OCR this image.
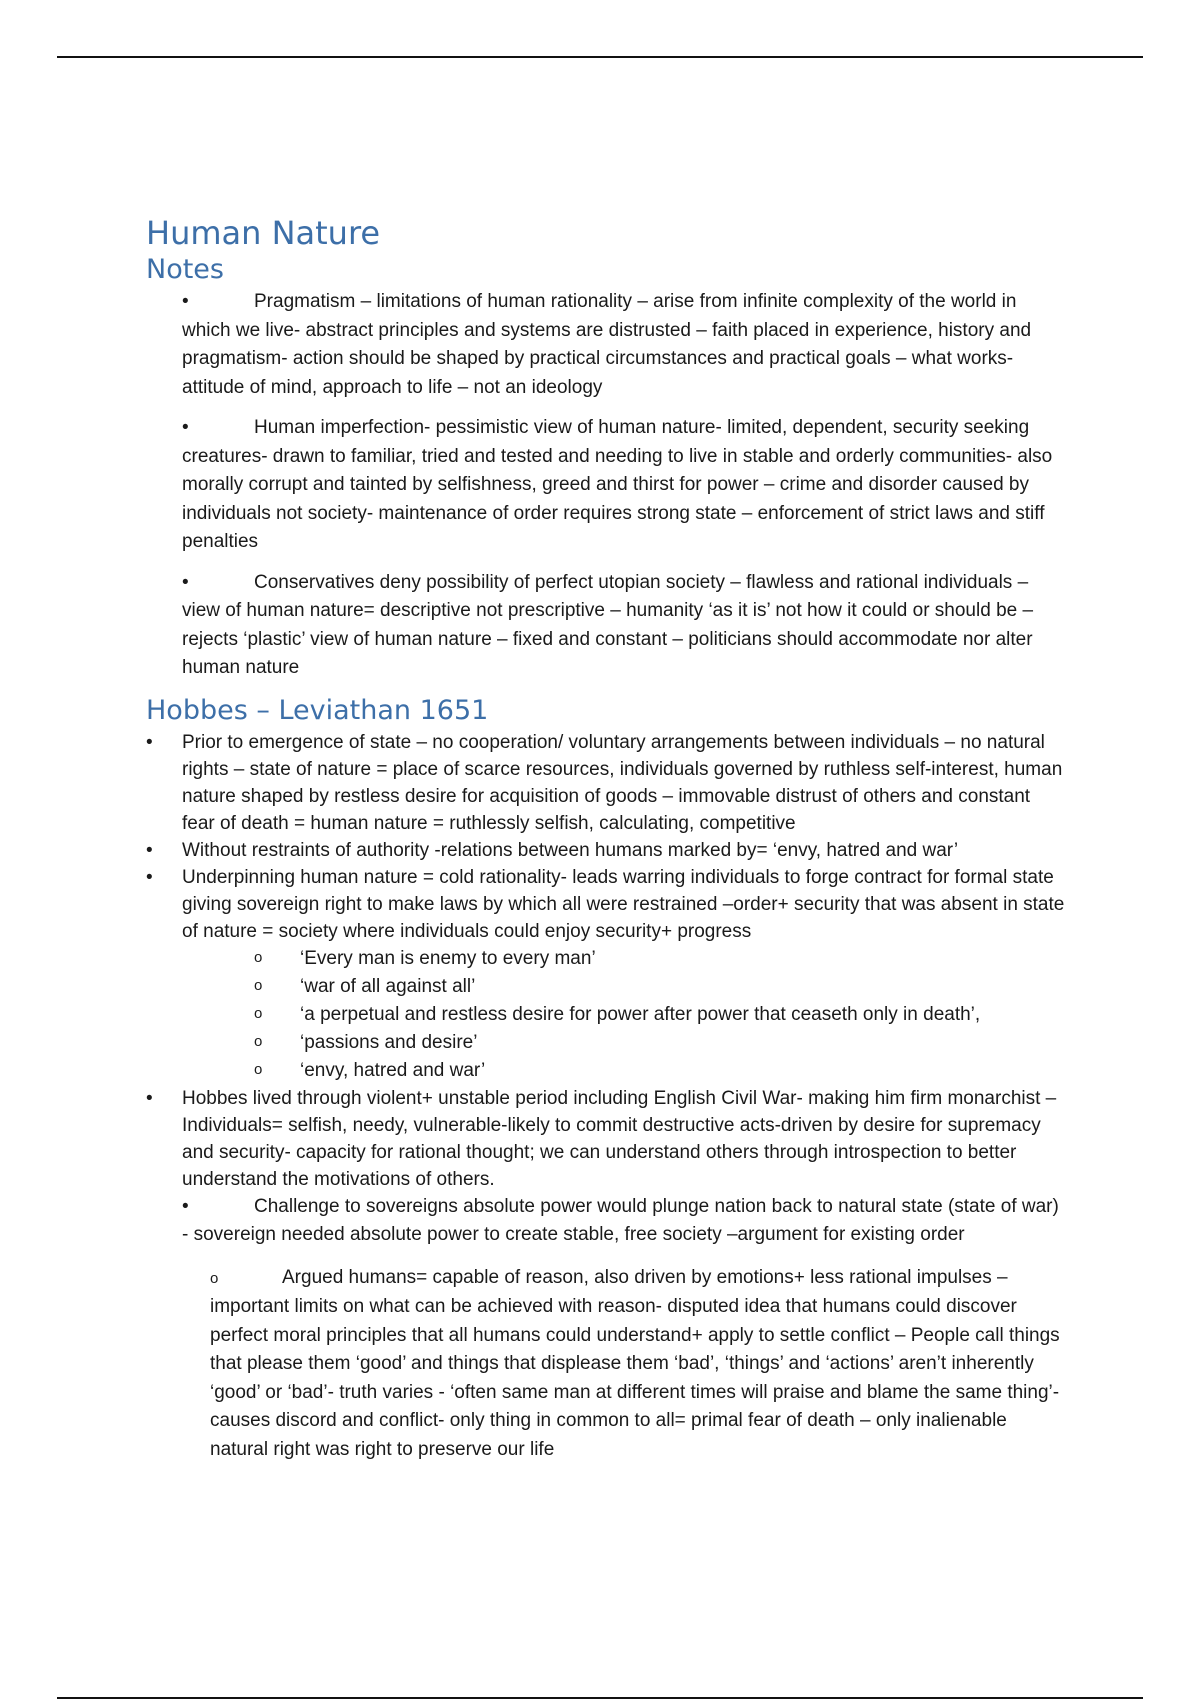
Human Nature
Notes
•	Pragmatism – limitations of human rationality – arise from infinite complexity of the world in which we live- abstract principles and systems are distrusted – faith placed in experience, history and pragmatism- action should be shaped by practical circumstances and practical goals – what works- attitude of mind, approach to life – not an ideology
•	Human imperfection- pessimistic view of human nature- limited, dependent, security seeking creatures- drawn to familiar, tried and tested and needing to live in stable and orderly communities- also morally corrupt and tainted by selfishness, greed and thirst for power – crime and disorder caused by individuals not society- maintenance of order requires strong state – enforcement of strict laws and stiff penalties
•	Conservatives deny possibility of perfect utopian society – flawless and rational individuals – view of human nature= descriptive not prescriptive – humanity ‘as it is’ not how it could or should be – rejects ‘plastic’ view of human nature – fixed and constant – politicians should accommodate nor alter human nature
Hobbes – Leviathan 1651
• Prior to emergence of state – no cooperation/ voluntary arrangements between individuals – no natural rights – state of nature = place of scarce resources, individuals governed by ruthless self-interest, human nature shaped by restless desire for acquisition of goods – immovable distrust of others and constant fear of death = human nature = ruthlessly selfish, calculating, competitive
• Without restraints of authority -relations between humans marked by= ‘envy, hatred and war’
• Underpinning human nature = cold rationality- leads warring individuals to forge contract for formal state giving sovereign right to make laws by which all were restrained –order+ security that was absent in state of nature = society where individuals could enjoy security+ progress
o ‘Every man is enemy to every man’
o ‘war of all against all’
o ‘a perpetual and restless desire for power after power that ceaseth only in death’,
o ‘passions and desire’
o ‘envy, hatred and war’
• Hobbes lived through violent+ unstable period including English Civil War- making him firm monarchist – Individuals= selfish, needy, vulnerable-likely to commit destructive acts-driven by desire for supremacy and security- capacity for rational thought; we can understand others through introspection to better understand the motivations of others.
•	Challenge to sovereigns absolute power would plunge nation back to natural state (state of war) - sovereign needed absolute power to create stable, free society –argument for existing order
o	Argued humans= capable of reason, also driven by emotions+ less rational impulses – important limits on what can be achieved with reason- disputed idea that humans could discover perfect moral principles that all humans could understand+ apply to settle conflict – People call things that please them ‘good’ and things that displease them ‘bad’, ‘things’ and ‘actions’ aren’t inherently ‘good’ or ‘bad’- truth varies - ‘often same man at different times will praise and blame the same thing’- causes discord and conflict- only thing in common to all= primal fear of death – only inalienable natural right was right to preserve our life
